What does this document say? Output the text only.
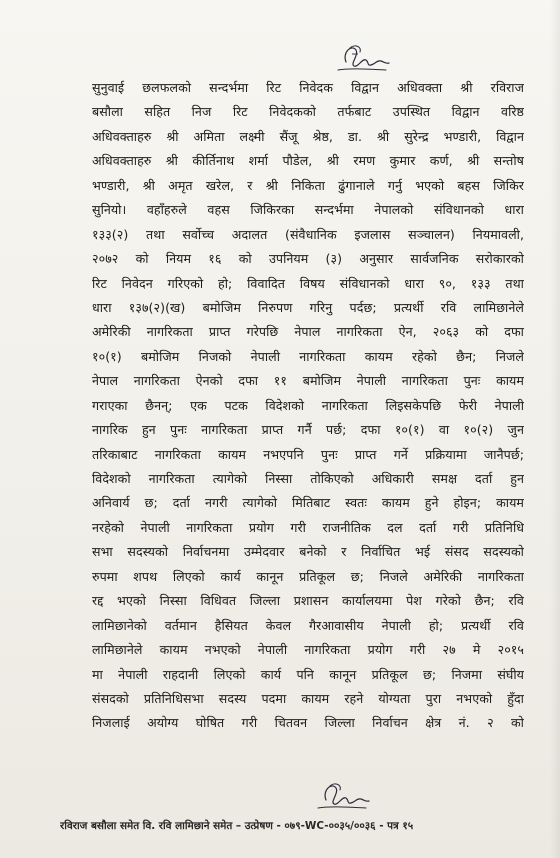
सुनुवाई छलफलको सन्दर्भमा रिट निवेदक विद्वान अधिवक्ता श्री रविराज
बसौला सहित निज रिट निवेदकको तर्फबाट उपस्थित विद्वान वरिष्ठ
अधिवक्ताहरु श्री अमिता लक्ष्मी सैंजू श्रेष्ठ, डा. श्री सुरेन्द्र भण्डारी, विद्वान
अधिवक्ताहरु श्री कीर्तिनाथ शर्मा पौडेल, श्री रमण कुमार कर्ण, श्री सन्तोष
भण्डारी, श्री अमृत खरेल, र श्री निकिता ढुंगानाले गर्नु भएको बहस जिकिर
सुनियो। वहाँहरुले वहस जिकिरका सन्दर्भमा नेपालको संविधानको धारा
१३३(२) तथा सर्वोच्च अदालत (संवैधानिक इजलास सञ्चालन) नियमावली,
२०७२ को नियम १६ को उपनियम (३) अनुसार सार्वजनिक सरोकारको
रिट निवेदन गरिएको हो; विवादित विषय संविधानको धारा ९०, १३३ तथा
धारा १३७(२)(ख) बमोजिम निरुपण गरिनु पर्दछ; प्रत्यर्थी रवि लामिछानेले
अमेरिकी नागरिकता प्राप्त गरेपछि नेपाल नागरिकता ऐन, २०६३ को दफा
१०(१) बमोजिम निजको नेपाली नागरिकता कायम रहेको छैन; निजले
नेपाल नागरिकता ऐनको दफा ११ बमोजिम नेपाली नागरिकता पुनः कायम
गराएका छैनन्; एक पटक विदेशको नागरिकता लिइसकेपछि फेरी नेपाली
नागरिक हुन पुनः नागरिकता प्राप्त गर्नै पर्छ; दफा १०(१) वा १०(२) जुन
तरिकाबाट नागरिकता कायम नभएपनि पुनः प्राप्त गर्ने प्रक्रियामा जानैपर्छ;
विदेशको नागरिकता त्यागेको निस्सा तोकिएको अधिकारी समक्ष दर्ता हुन
अनिवार्य छ; दर्ता नगरी त्यागेको मितिबाट स्वतः कायम हुने होइन; कायम
नरहेको नेपाली नागरिकता प्रयोग गरी राजनीतिक दल दर्ता गरी प्रतिनिधि
सभा सदस्यको निर्वाचनमा उम्मेदवार बनेको र निर्वाचित भई संसद सदस्यको
रुपमा शपथ लिएको कार्य कानून प्रतिकूल छ; निजले अमेरिकी नागरिकता
रद्द भएको निस्सा विधिवत जिल्ला प्रशासन कार्यालयमा पेश गरेको छैन; रवि
लामिछानेको वर्तमान हैसियत केवल गैरआवासीय नेपाली हो; प्रत्यर्थी रवि
लामिछानेले कायम नभएको नेपाली नागरिकता प्रयोग गरी २७ मे २०१५
मा नेपाली राहदानी लिएको कार्य पनि कानून प्रतिकूल छ; निजमा संघीय
संसदको प्रतिनिधिसभा सदस्य पदमा कायम रहने योग्यता पुरा नभएको हुँदा
निजलाई अयोग्य घोषित गरी चितवन जिल्ला निर्वाचन क्षेत्र नं. २ को
रविराज बसौला समेत वि. रवि लामिछाने समेत – उत्प्रेषण - ०७९-WC-००३५/००३६ - पत्र १५
